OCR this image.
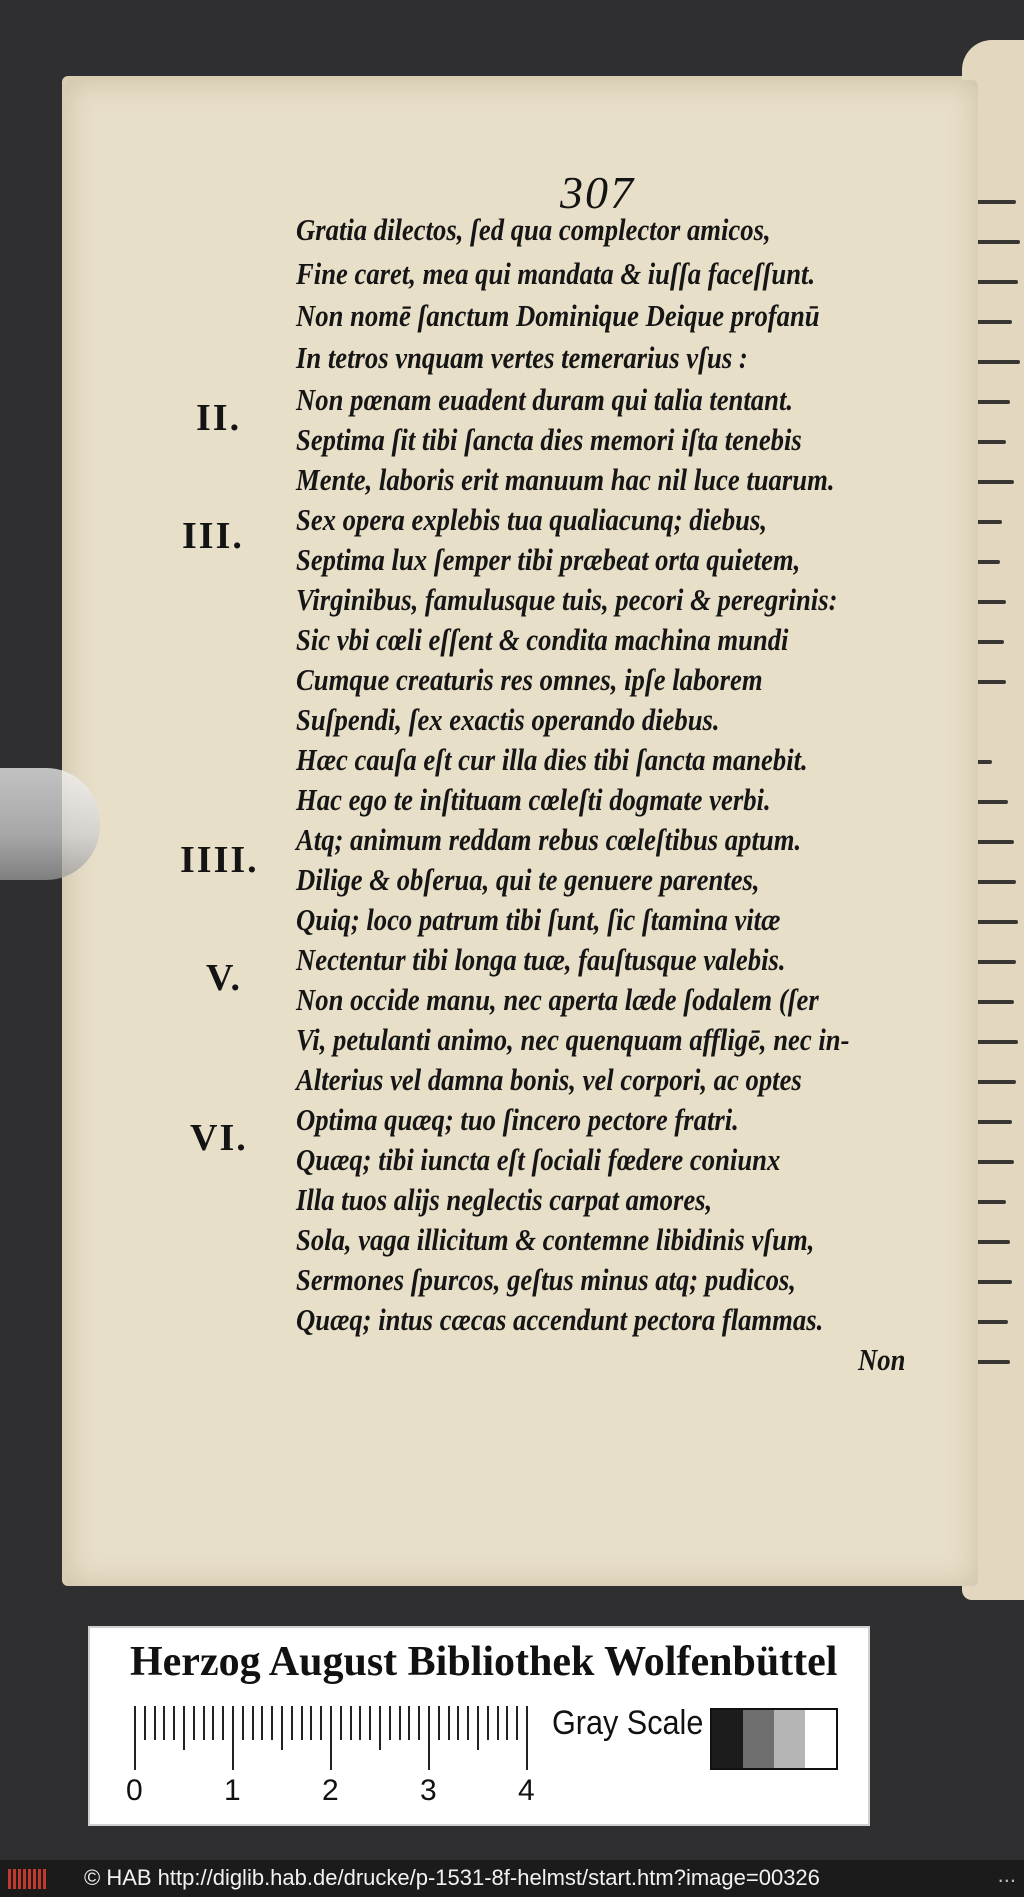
307
Gratia dilectos, ſed qua complector amicos,
Fine caret, mea qui mandata & iuſſa faceſſunt.
Non nomē ſanctum Dominique Deique profanū
In tetros vnquam vertes temerarius vſus :
Non pœnam euadent duram qui talia tentant.
Septima ſit tibi ſancta dies memori iſta tenebis
Mente, laboris erit manuum hac nil luce tuarum.
Sex opera explebis tua qualiacunq; diebus,
Septima lux ſemper tibi præbeat orta quietem,
Virginibus, famulusque tuis, pecori & peregrinis:
Sic vbi cœli eſſent & condita machina mundi
Cumque creaturis res omnes, ipſe laborem
Suſpendi, ſex exactis operando diebus.
Hæc cauſa eſt cur illa dies tibi ſancta manebit.
Hac ego te inſtituam cœleſti dogmate verbi.
Atq; animum reddam rebus cœleſtibus aptum.
Dilige & obſerua, qui te genuere parentes,
Quiq; loco patrum tibi ſunt, ſic ſtamina vitæ
Nectentur tibi longa tuæ, fauſtusque valebis.
Non occide manu, nec aperta læde ſodalem (ſer
Vi, petulanti animo, nec quenquam affligē, nec in-
Alterius vel damna bonis, vel corpori, ac optes
Optima quæq; tuo ſincero pectore fratri.
Quæq; tibi iuncta eſt ſociali fœdere coniunx
Illa tuos alijs neglectis carpat amores,
Sola, vaga illicitum & contemne libidinis vſum,
Sermones ſpurcos, geſtus minus atq; pudicos,
Quæq; intus cæcas accendunt pectora flammas.
II.
III.
IIII.
V.
VI.
Non
Herzog August Bibliothek Wolfenbüttel
0	1	2	3	4
Gray Scale
© HAB http://diglib.hab.de/drucke/p-1531-8f-helmst/start.htm?image=00326	...
